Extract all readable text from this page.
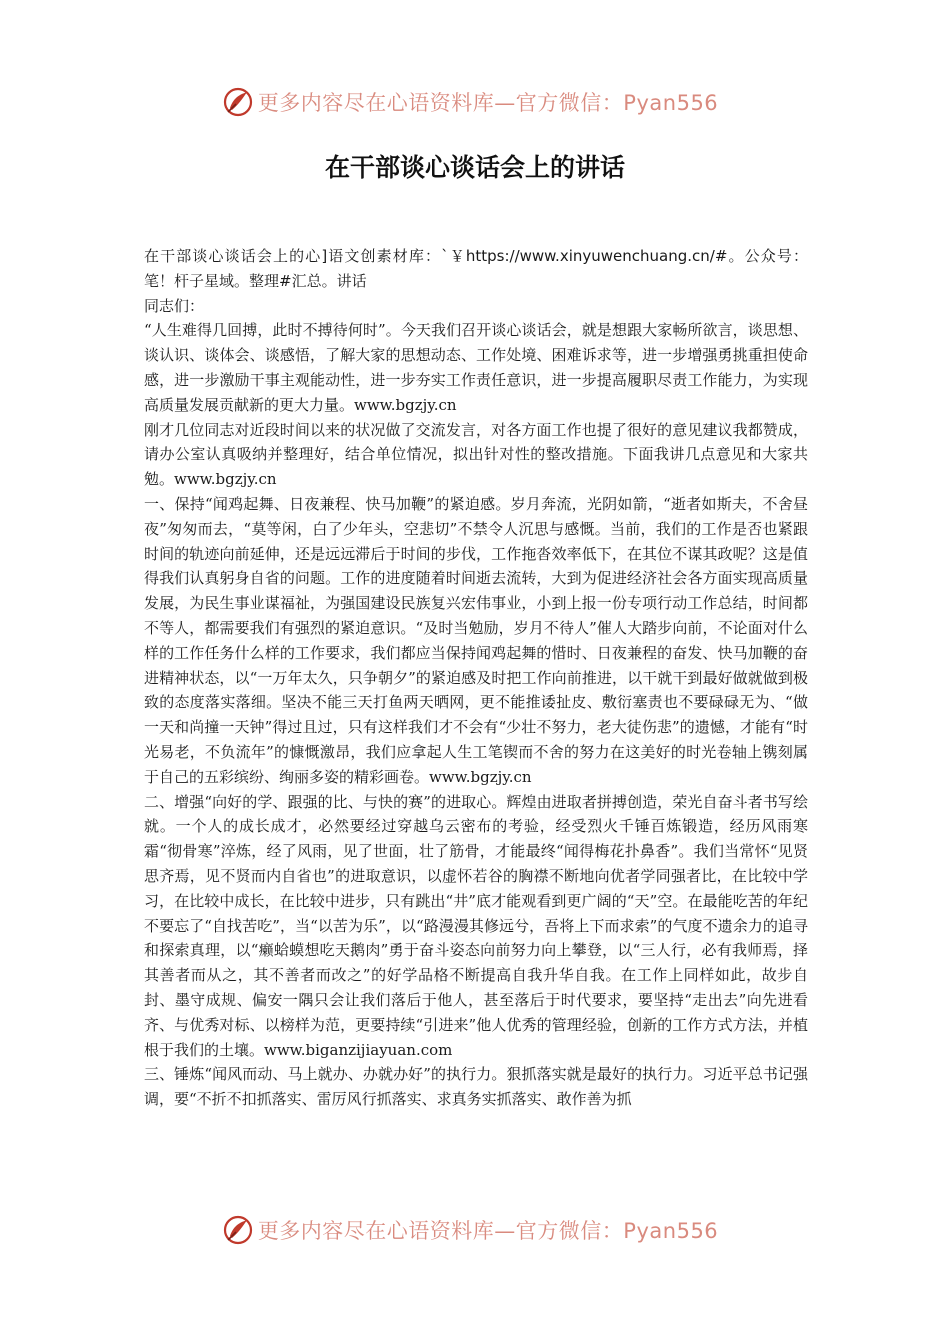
更多内容尽在心语资料库—官方微信：Pyan556
在干部谈心谈话会上的讲话

在干部谈心谈话会上的心]语文创素材库：`￥https://www.xinyuwenchuang.cn/#。公众号：笔！杆子星域。整理#汇总。讲话

同志们：

“人生难得几回搏，此时不搏待何时”。今天我们召开谈心谈话会，就是想跟大家畅所欲言，谈思想、谈认识、谈体会、谈感悟，了解大家的思想动态、工作处境、困难诉求等，进一步增强勇挑重担使命感，进一步激励干事主观能动性，进一步夯实工作责任意识，进一步提高履职尽责工作能力，为实现高质量发展贡献新的更大力量。www.bgzjy.cn

刚才几位同志对近段时间以来的状况做了交流发言，对各方面工作也提了很好的意见建议我都赞成，请办公室认真吸纳并整理好，结合单位情况，拟出针对性的整改措施。下面我讲几点意见和大家共勉。www.bgzjy.cn

一、保持“闻鸡起舞、日夜兼程、快马加鞭”的紧迫感。岁月奔流，光阴如箭，“逝者如斯夫，不舍昼夜”匆匆而去，“莫等闲，白了少年头，空悲切”不禁令人沉思与感慨。当前，我们的工作是否也紧跟时间的轨迹向前延伸，还是远远滞后于时间的步伐，工作拖沓效率低下，在其位不谋其政呢？这是值得我们认真躬身自省的问题。工作的进度随着时间逝去流转，大到为促进经济社会各方面实现高质量发展，为民生事业谋福祉，为强国建设民族复兴宏伟事业，小到上报一份专项行动工作总结，时间都不等人，都需要我们有强烈的紧迫意识。“及时当勉励，岁月不待人”催人大踏步向前，不论面对什么样的工作任务什么样的工作要求，我们都应当保持闻鸡起舞的惜时、日夜兼程的奋发、快马加鞭的奋进精神状态，以“一万年太久，只争朝夕”的紧迫感及时把工作向前推进，以干就干到最好做就做到极致的态度落实落细。坚决不能三天打鱼两天晒网，更不能推诿扯皮、敷衍塞责也不要碌碌无为、“做一天和尚撞一天钟”得过且过，只有这样我们才不会有“少壮不努力，老大徒伤悲”的遗憾，才能有“时光易老，不负流年”的慷慨激昂，我们应拿起人生工笔锲而不舍的努力在这美好的时光卷轴上镌刻属于自己的五彩缤纷、绚丽多姿的精彩画卷。www.bgzjy.cn

二、增强“向好的学、跟强的比、与快的赛”的进取心。辉煌由进取者拼搏创造，荣光自奋斗者书写绘就。一个人的成长成才，必然要经过穿越乌云密布的考验，经受烈火千锤百炼锻造，经历风雨寒霜“彻骨寒”淬炼，经了风雨，见了世面，壮了筋骨，才能最终“闻得梅花扑鼻香”。我们当常怀“见贤思齐焉，见不贤而内自省也”的进取意识，以虚怀若谷的胸襟不断地向优者学同强者比，在比较中学习，在比较中成长，在比较中进步，只有跳出“井”底才能观看到更广阔的“天”空。在最能吃苦的年纪不要忘了“自找苦吃”，当“以苦为乐”，以“路漫漫其修远兮，吾将上下而求索”的气度不遗余力的追寻和探索真理，以“癞蛤蟆想吃天鹅肉”勇于奋斗姿态向前努力向上攀登，以“三人行，必有我师焉，择其善者而从之，其不善者而改之”的好学品格不断提高自我升华自我。在工作上同样如此，故步自封、墨守成规、偏安一隅只会让我们落后于他人，甚至落后于时代要求，要坚持“走出去”向先进看齐、与优秀对标、以榜样为范，更要持续“引进来”他人优秀的管理经验，创新的工作方式方法，并植根于我们的土壤。www.biganzijiayuan.com

三、锤炼“闻风而动、马上就办、办就办好”的执行力。狠抓落实就是最好的执行力。习近平总书记强调，要“不折不扣抓落实、雷厉风行抓落实、求真务实抓落实、敢作善为抓

更多内容尽在心语资料库—官方微信：Pyan556
